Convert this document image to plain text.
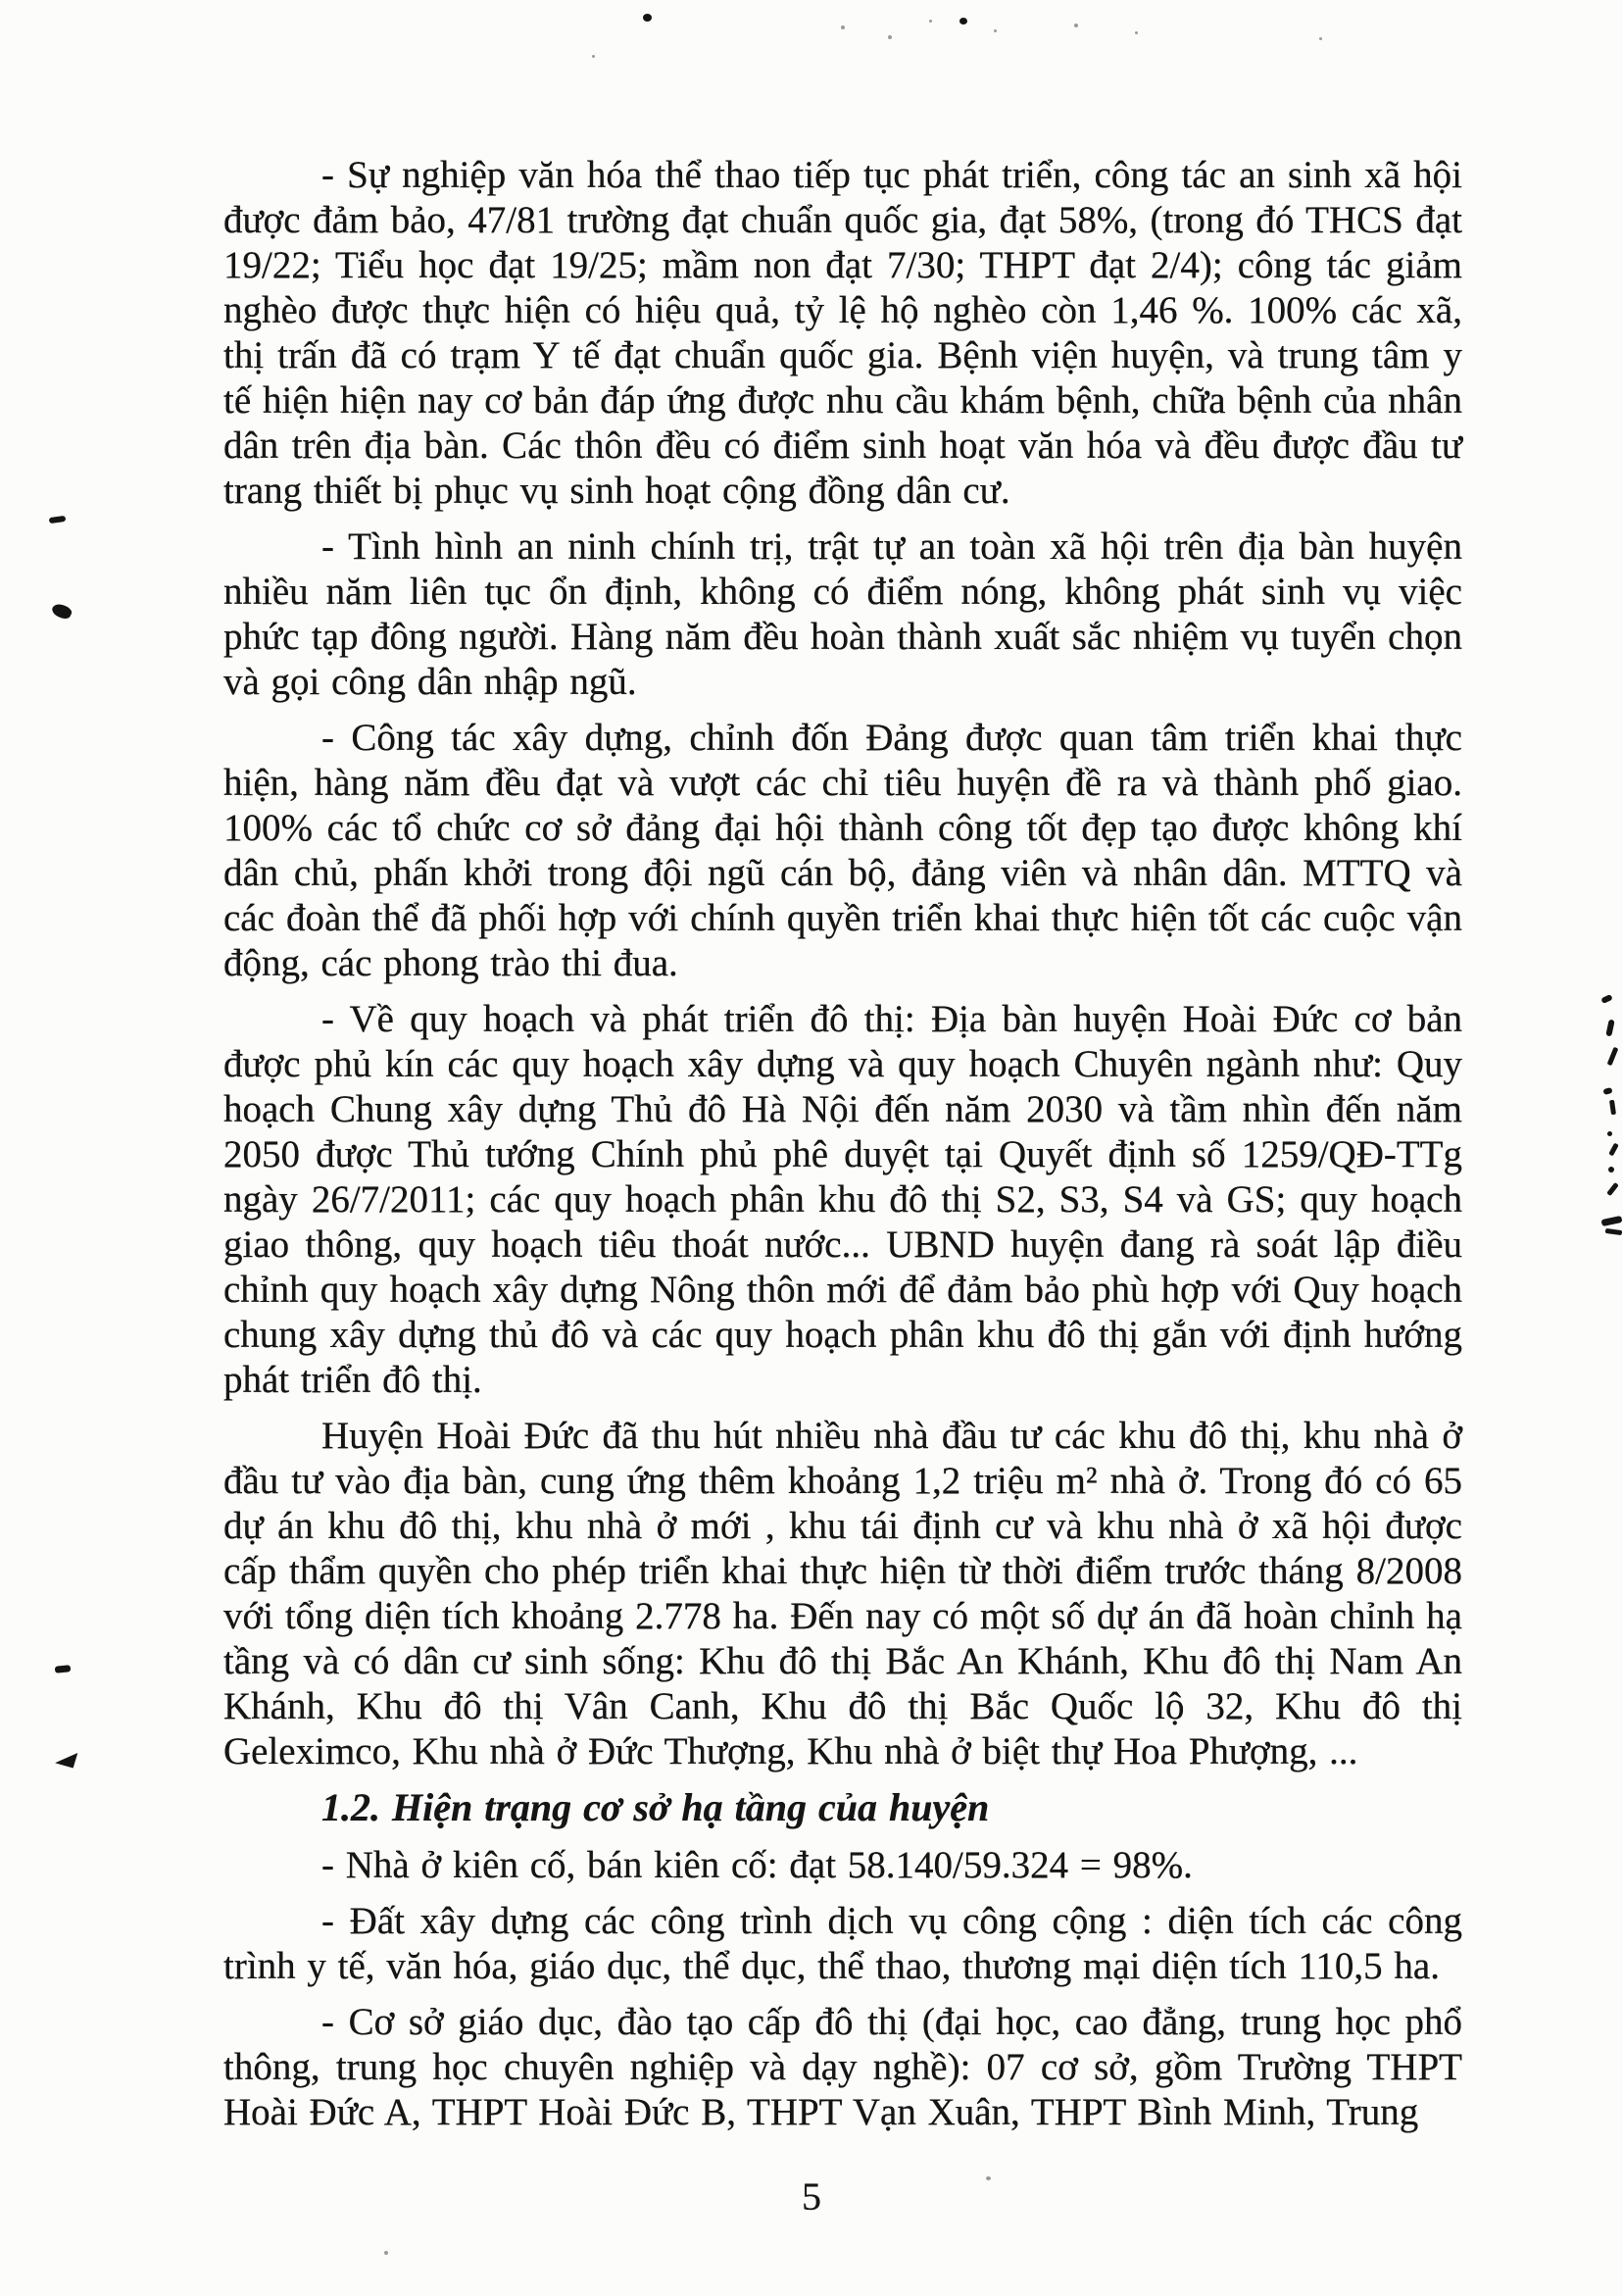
- Sự nghiệp văn hóa thể thao tiếp tục phát triển, công tác an sinh xã hội được đảm bảo, 47/81 trường đạt chuẩn quốc gia, đạt 58%, (trong đó THCS đạt 19/22; Tiểu học đạt 19/25; mầm non đạt 7/30; THPT đạt 2/4); công tác giảm nghèo được thực hiện có hiệu quả, tỷ lệ hộ nghèo còn 1,46 %. 100% các xã, thị trấn đã có trạm Y tế đạt chuẩn quốc gia. Bệnh viện huyện, và trung tâm y tế hiện hiện nay cơ bản đáp ứng được nhu cầu khám bệnh, chữa bệnh của nhân dân trên địa bàn. Các thôn đều có điểm sinh hoạt văn hóa và đều được đầu tư trang thiết bị phục vụ sinh hoạt cộng đồng dân cư.

- Tình hình an ninh chính trị, trật tự an toàn xã hội trên địa bàn huyện nhiều năm liên tục ổn định, không có điểm nóng, không phát sinh vụ việc phức tạp đông người. Hàng năm đều hoàn thành xuất sắc nhiệm vụ tuyển chọn và gọi công dân nhập ngũ.

- Công tác xây dựng, chỉnh đốn Đảng được quan tâm triển khai thực hiện, hàng năm đều đạt và vượt các chỉ tiêu huyện đề ra và thành phố giao. 100% các tổ chức cơ sở đảng đại hội thành công tốt đẹp tạo được không khí dân chủ, phấn khởi trong đội ngũ cán bộ, đảng viên và nhân dân. MTTQ và các đoàn thể đã phối hợp với chính quyền triển khai thực hiện tốt các cuộc vận động, các phong trào thi đua.

- Về quy hoạch và phát triển đô thị: Địa bàn huyện Hoài Đức cơ bản được phủ kín các quy hoạch xây dựng và quy hoạch Chuyên ngành như: Quy hoạch Chung xây dựng Thủ đô Hà Nội đến năm 2030 và tầm nhìn đến năm 2050 được Thủ tướng Chính phủ phê duyệt tại Quyết định số 1259/QĐ-TTg ngày 26/7/2011; các quy hoạch phân khu đô thị S2, S3, S4 và GS; quy hoạch giao thông, quy hoạch tiêu thoát nước... UBND huyện đang rà soát lập điều chỉnh quy hoạch xây dựng Nông thôn mới để đảm bảo phù hợp với Quy hoạch chung xây dựng thủ đô và các quy hoạch phân khu đô thị gắn với định hướng phát triển đô thị.

Huyện Hoài Đức đã thu hút nhiều nhà đầu tư các khu đô thị, khu nhà ở đầu tư vào địa bàn, cung ứng thêm khoảng 1,2 triệu m² nhà ở. Trong đó có 65 dự án khu đô thị, khu nhà ở mới , khu tái định cư và khu nhà ở xã hội được cấp thẩm quyền cho phép triển khai thực hiện từ thời điểm trước tháng 8/2008 với tổng diện tích khoảng 2.778 ha. Đến nay có một số dự án đã hoàn chỉnh hạ tầng và có dân cư sinh sống: Khu đô thị Bắc An Khánh, Khu đô thị Nam An Khánh, Khu đô thị Vân Canh, Khu đô thị Bắc Quốc lộ 32, Khu đô thị Geleximco, Khu nhà ở Đức Thượng, Khu nhà ở biệt thự Hoa Phượng, ...

1.2. Hiện trạng cơ sở hạ tầng của huyện

- Nhà ở kiên cố, bán kiên cố: đạt 58.140/59.324 = 98%.

- Đất xây dựng các công trình dịch vụ công cộng : diện tích các công trình y tế, văn hóa, giáo dục, thể dục, thể thao, thương mại diện tích 110,5 ha.

- Cơ sở giáo dục, đào tạo cấp đô thị (đại học, cao đẳng, trung học phổ thông, trung học chuyên nghiệp và dạy nghề): 07 cơ sở, gồm Trường THPT Hoài Đức A, THPT Hoài Đức B, THPT Vạn Xuân, THPT Bình Minh, Trung

5
